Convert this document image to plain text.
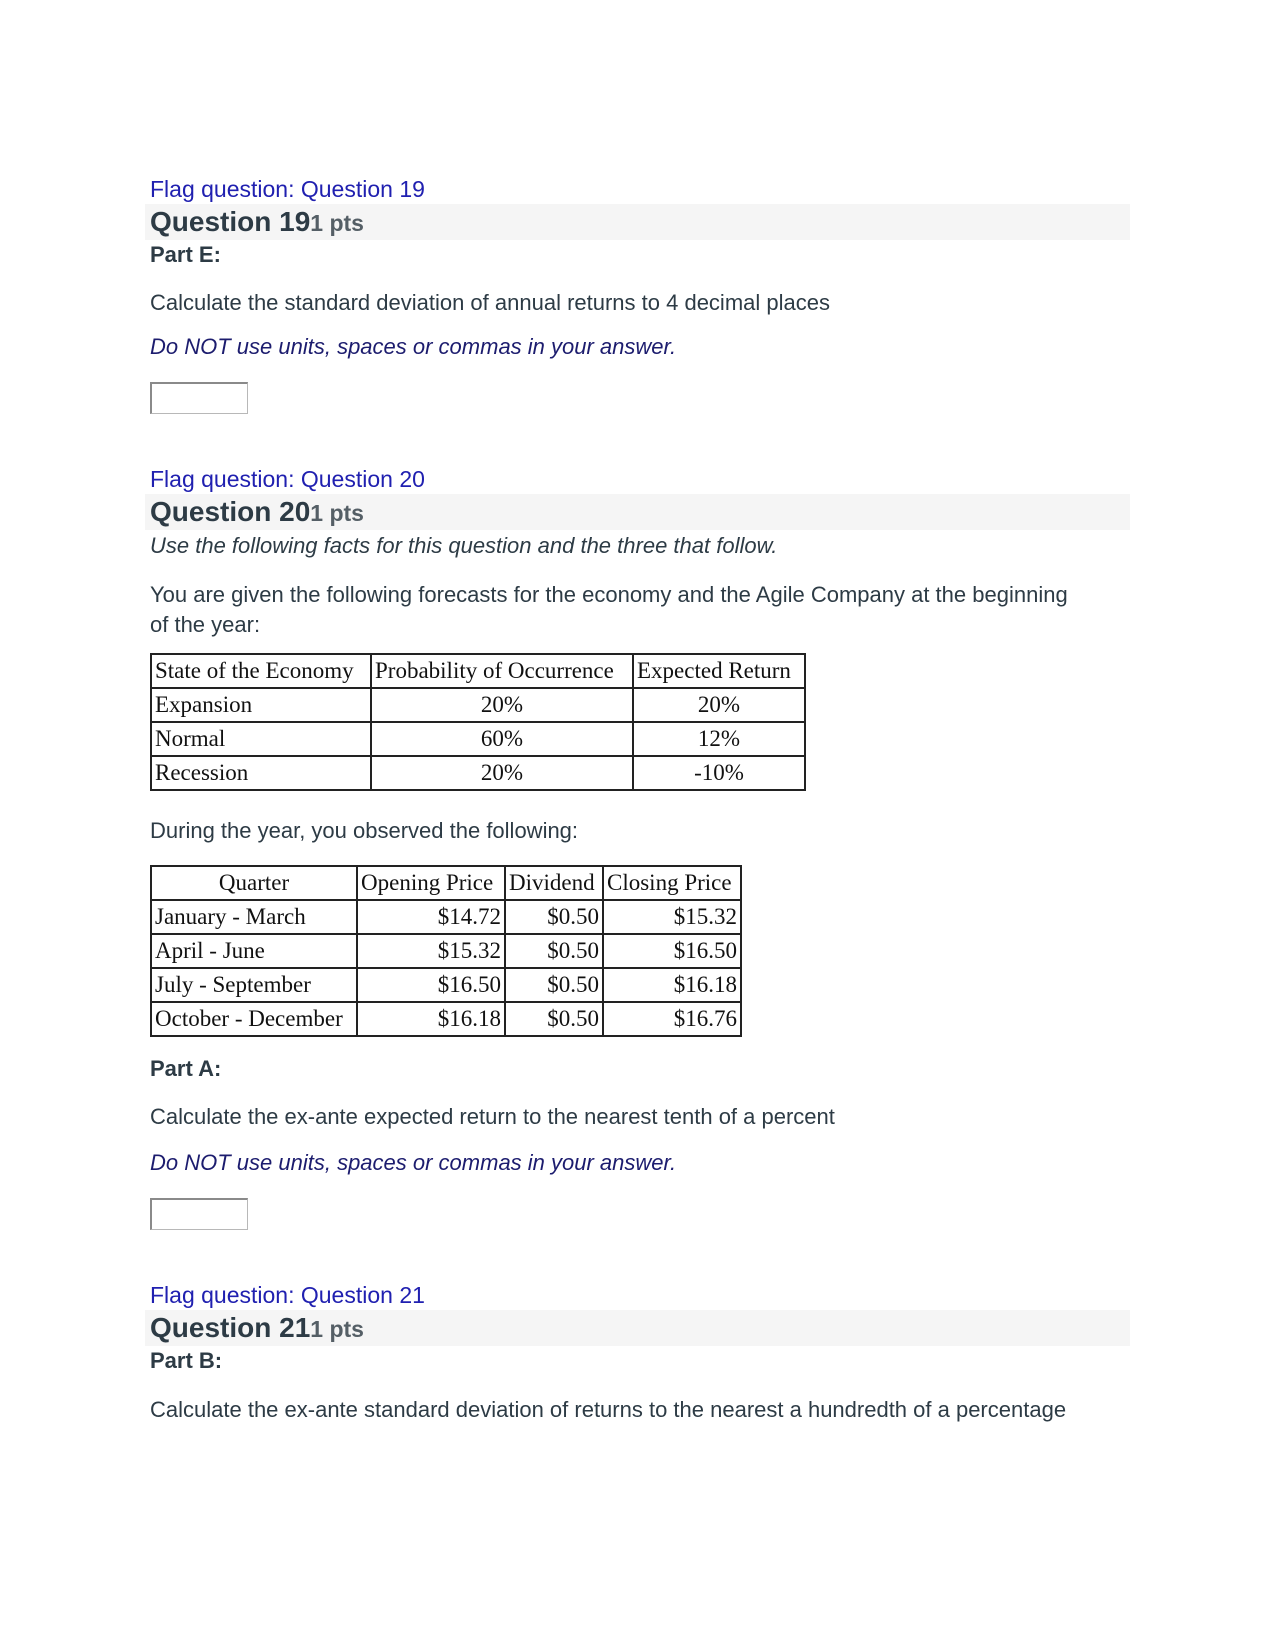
Flag question: Question 19
Question 191 pts
Part E:
Calculate the standard deviation of annual returns to 4 decimal places
Do NOT use units, spaces or commas in your answer.
Flag question: Question 20
Question 201 pts
Use the following facts for this question and the three that follow.
You are given the following forecasts for the economy and the Agile Company at the beginning of the year:
State of the Economy	Probability of Occurrence	Expected Return
Expansion	20%	20%
Normal	60%	12%
Recession	20%	-10%
During the year, you observed the following:
Quarter	Opening Price	Dividend	Closing Price
January - March	$14.72	$0.50	$15.32
April - June	$15.32	$0.50	$16.50
July - September	$16.50	$0.50	$16.18
October - December	$16.18	$0.50	$16.76
Part A:
Calculate the ex-ante expected return to the nearest tenth of a percent
Do NOT use units, spaces or commas in your answer.
Flag question: Question 21
Question 211 pts
Part B:
Calculate the ex-ante standard deviation of returns to the nearest a hundredth of a percentage
